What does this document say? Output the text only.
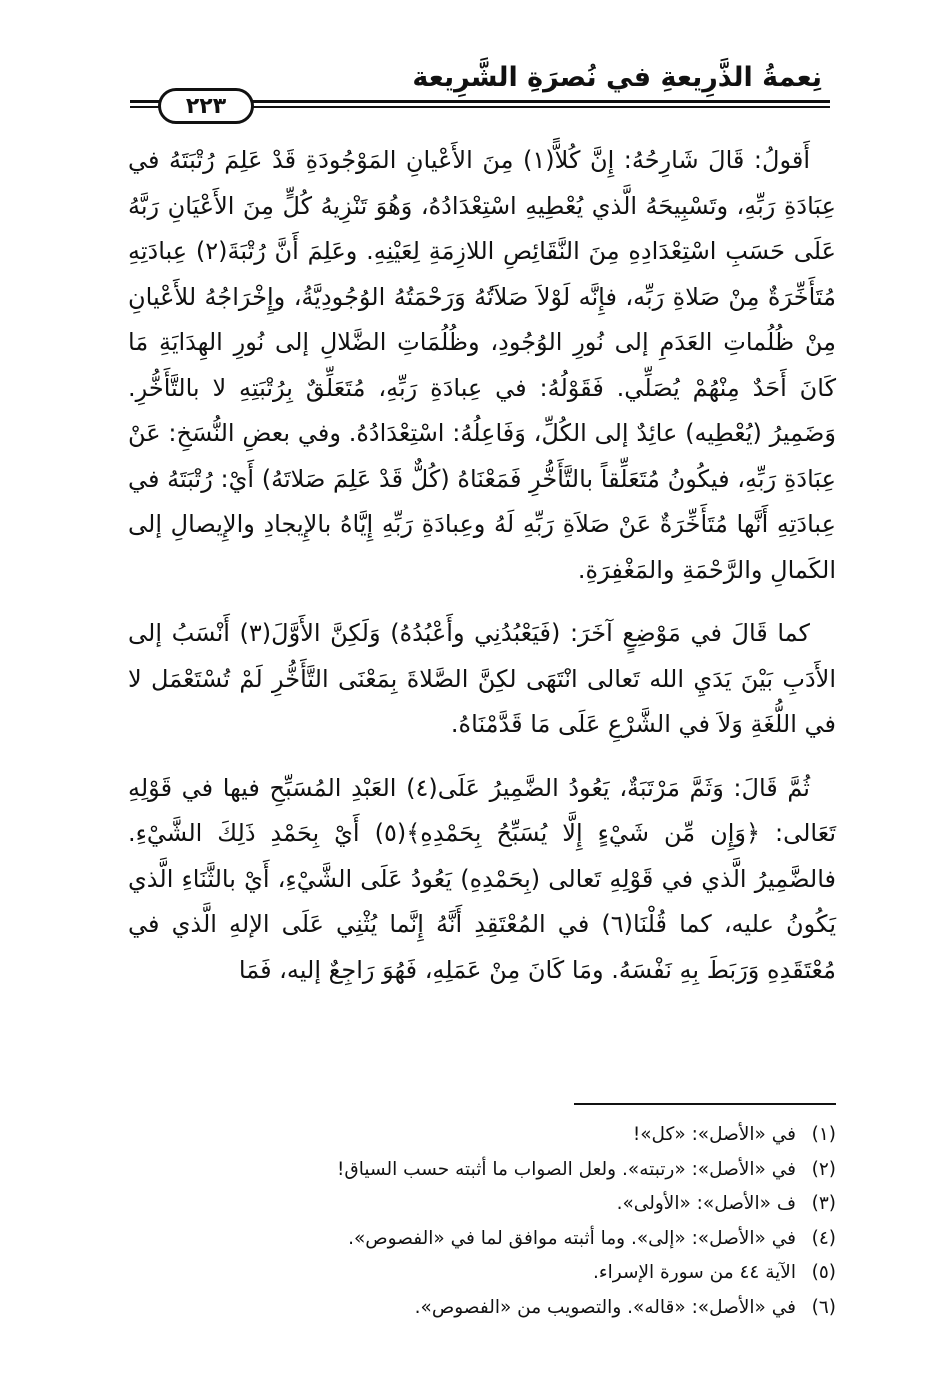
نِعمةُ الذَّرِيعةِ في نُصرَةِ الشَّرِيعة
٢٢٣

أَقولُ: قَالَ شَارِحُهُ: إِنَّ كُلاًّ(١) مِنَ الأَعْيانِ المَوْجُودَةِ قَدْ عَلِمَ رُتْبَتَهُ في عِبَادَةِ رَبِّهِ، وتَسْبِيحَهُ الَّذي يُعْطِيهِ اسْتِعْدَادُهُ، وَهُوَ تَنْزِيهُ كُلٍّ مِنَ الأَعْيَانِ رَبَّهُ عَلَى حَسَبِ اسْتِعْدَادِهِ مِنَ النَّقَائِصِ اللازِمَةِ لِعَيْنِهِ. وعَلِمَ أَنَّ رُتْبَةَ(٢) عِبادَتِهِ مُتَأَخِّرَةٌ مِنْ صَلاةِ رَبِّه، فإِنَّه لَوْلاَ صَلاَتُهُ وَرَحْمَتُهُ الوُجُودِيَّةُ، وإِخْرَاجُهُ للأَعْيانِ مِنْ ظُلُماتِ العَدَمِ إلى نُورِ الوُجُودِ، وظُلُمَاتِ الضَّلالِ إلى نُورِ الهِدَايَةِ مَا كَانَ أَحَدٌ مِنْهُمْ يُصَلِّي. فَقَوْلُهُ: في عِبادَةِ رَبِّهِ، مُتَعَلِّقٌ بِرُتْبَتِهِ لا بالتَّأَخُّرِ. وَضَمِيرُ (يُعْطِيه) عائِدٌ إلى الكُلِّ، وَفَاعِلُهُ: اسْتِعْدَادُهُ. وفي بعضِ النُّسَخِ: عَنْ عِبَادَةِ رَبِّهِ، فيكُونُ مُتَعَلِّقاً بالتَّأَخُّرِ فَمَعْنَاهُ (كُلٌّ قَدْ عَلِمَ صَلاتَهُ) أَيْ: رُتْبَتَهُ في عِبادَتِهِ أَنَّها مُتَأَخِّرَةٌ عَنْ صَلاَةِ رَبِّهِ لَهُ وعِبادَةِ رَبِّهِ إِيَّاهُ بالإِيجادِ والإِيصالِ إلى الكَمالِ والرَّحْمَةِ والمَغْفِرَةِ.

كما قَالَ في مَوْضِعٍ آخَرَ: (فَيَعْبُدُنِي وأَعْبُدُهُ) وَلَكِنَّ الأَوَّلَ(٣) أَنْسَبُ إلى الأَدَبِ بَيْنَ يَدَيِ الله تَعالى انْتَهَى لكِنَّ الصَّلاةَ بِمَعْنَى التَّأَخُّرِ لَمْ تُسْتَعْمَل لا في اللُّغَةِ وَلاَ في الشَّرْعِ عَلَى مَا قَدَّمْنَاهُ.

ثُمَّ قَالَ: وَثَمَّ مَرْتَبَةٌ، يَعُودُ الضَّمِيرُ عَلَى(٤) العَبْدِ المُسَبِّحِ فيها في قَوْلِهِ تَعَالى: ﴿وَإِن مِّن شَيْءٍ إِلَّا يُسَبِّحُ بِحَمْدِهِ﴾(٥) أَيْ بِحَمْدِ ذَلِكَ الشَّيْءِ. فالضَّمِيرُ الَّذي في قَوْلِهِ تَعالى (بِحَمْدِهِ) يَعُودُ عَلَى الشَّيْءِ، أَيْ بالثَّنَاءِ الَّذي يَكُونُ عليه، كما قُلْنَا(٦) في المُعْتَقِدِ أَنَّهُ إِنَّما يُثْنِي عَلَى الإلهِ الَّذي في مُعْتَقَدِهِ وَرَبَطَ بِهِ نَفْسَهُ. ومَا كَانَ مِنْ عَمَلِهِ، فَهُوَ رَاجِعٌ إليه، فَمَا

(١)
في «الأصل»: «كل»!
(٢)
في «الأصل»: «رتبته». ولعل الصواب ما أثبته حسب السياق!
(٣)
ف «الأصل»: «الأولى».
(٤)
في «الأصل»: «إلى». وما أثبته موافق لما في «الفصوص».
(٥)
الآية ٤٤ من سورة الإسراء.
(٦)
في «الأصل»: «قاله». والتصويب من «الفصوص».
